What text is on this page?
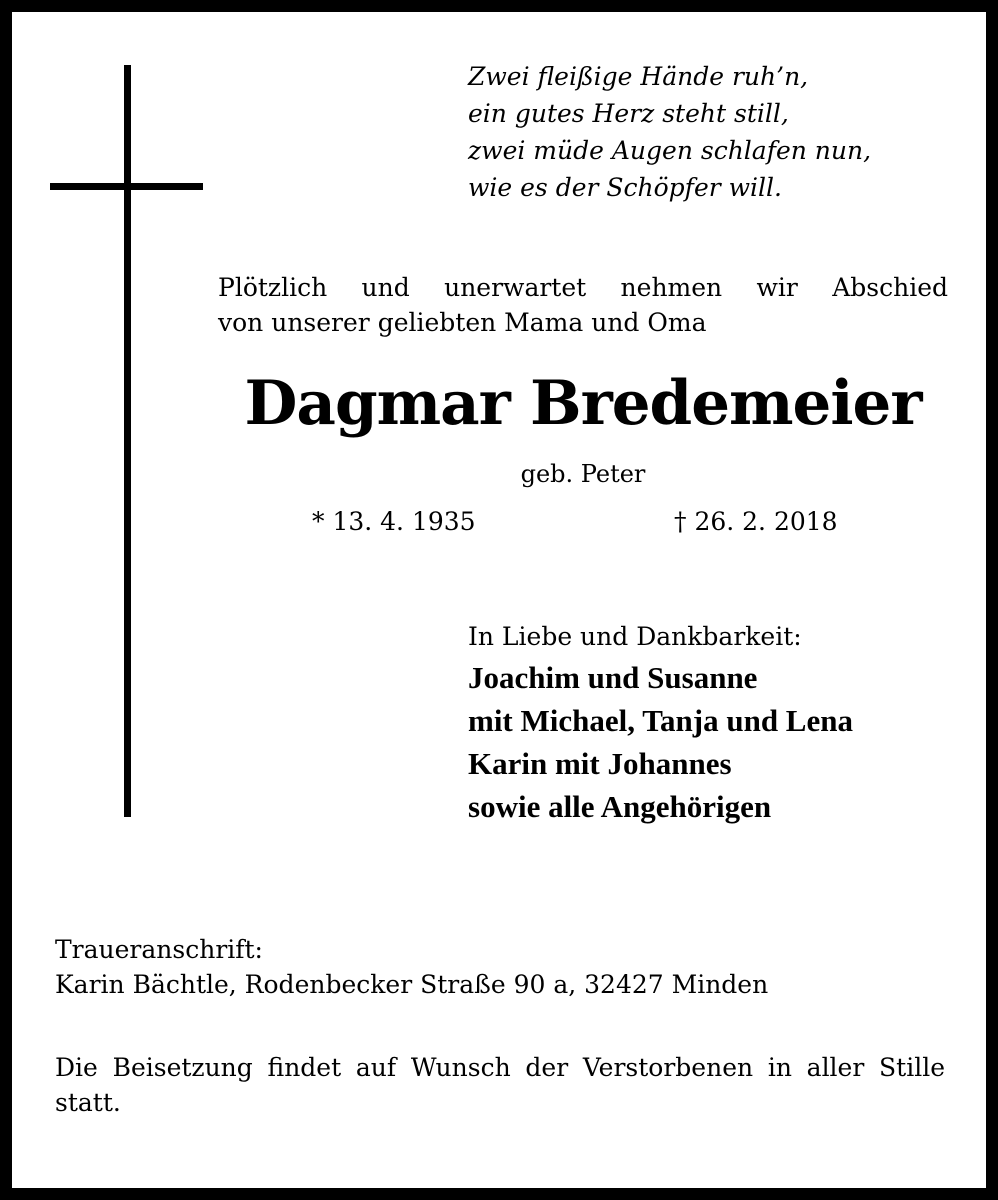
Zwei fleißige Hände ruh’n,
ein gutes Herz steht still,
zwei müde Augen schlafen nun,
wie es der Schöpfer will.
Plötzlich und unerwartet nehmen wir Abschied
von unserer geliebten Mama und Oma
Dagmar Bredemeier
geb. Peter
* 13. 4. 1935	† 26. 2. 2018
In Liebe und Dankbarkeit:
Joachim und Susanne
mit Michael, Tanja und Lena
Karin mit Johannes
sowie alle Angehörigen
Traueranschrift:
Karin Bächtle, Rodenbecker Straße 90 a, 32427 Minden
Die Beisetzung findet auf Wunsch der Verstorbenen in aller Stille statt.
